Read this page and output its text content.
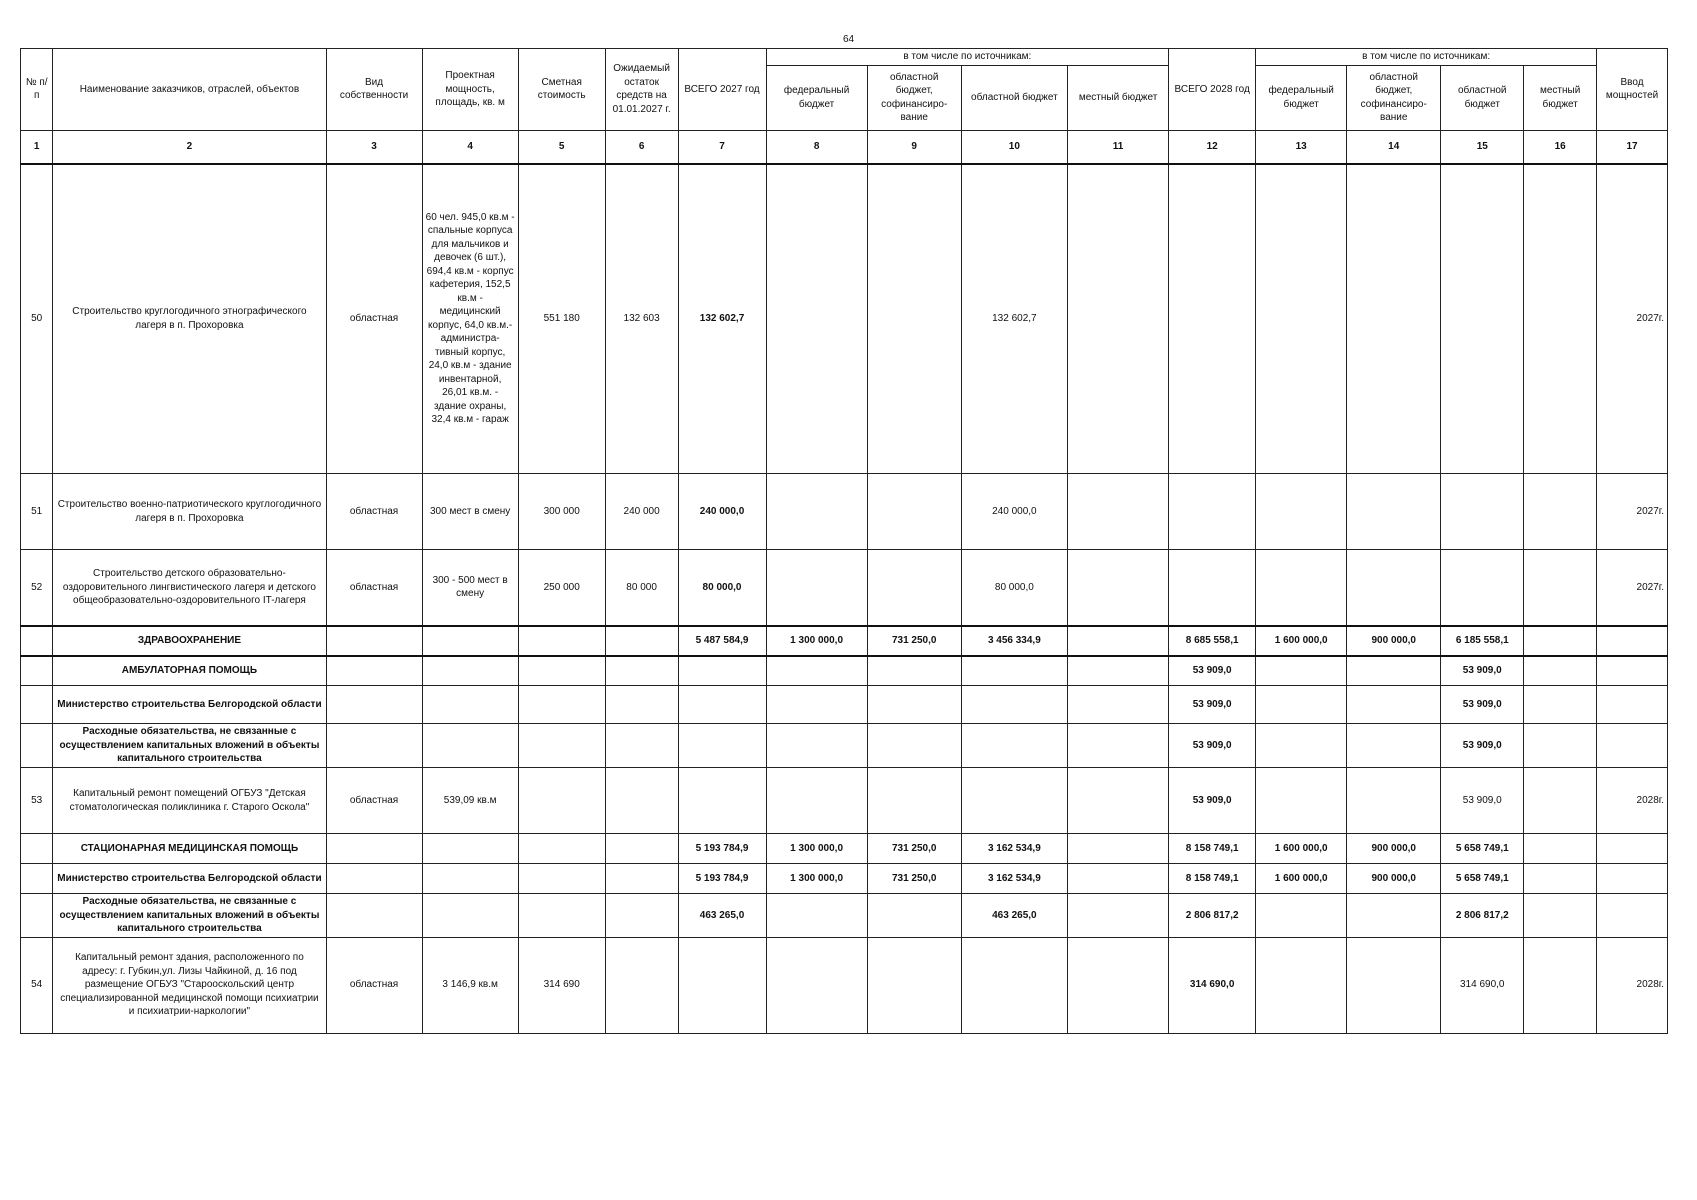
64
№ п/п	Наименование заказчиков, отраслей, объектов	Вид собственности	Проектная мощность, площадь, кв. м	Сметная стоимость	Ожидаемый остаток средств на 01.01.2027 г.	ВСЕГО 2027 год	в том числе по источникам:				ВСЕГО 2028 год	в том числе по источникам:				Ввод мощностей
							федеральный бюджет	областной бюджет, софинансиро-вание	областной бюджет	местный бюджет		федеральный бюджет	областной бюджет, софинансиро-вание	областной бюджет	местный бюджет	
1	2	3	4	5	6	7	8	9	10	11	12	13	14	15	16	17
50	Строительство круглогодичного этнографического лагеря в п. Прохоровка	областная	60 чел. 945,0 кв.м - спальные корпуса для мальчиков и девочек (6 шт.), 694,4 кв.м - корпус кафетерия, 152,5 кв.м - медицинский корпус, 64,0 кв.м.- администра-тивный корпус, 24,0 кв.м - здание инвентарной, 26,01 кв.м. - здание охраны, 32,4 кв.м - гараж	551 180	132 603	132 602,7			132 602,7							2027г.
51	Строительство военно-патриотического круглогодичного лагеря в п. Прохоровка	областная	300 мест в смену	300 000	240 000	240 000,0			240 000,0							2027г.
52	Строительство детского образовательно-оздоровительного лингвистического лагеря и детского общеобразовательно-оздоровительного IT-лагеря	областная	300 - 500 мест в смену	250 000	80 000	80 000,0			80 000,0							2027г.
	ЗДРАВООХРАНЕНИЕ					5 487 584,9	1 300 000,0	731 250,0	3 456 334,9		8 685 558,1	1 600 000,0	900 000,0	6 185 558,1		
	АМБУЛАТОРНАЯ ПОМОЩЬ										53 909,0			53 909,0		
	Министерство строительства Белгородской области										53 909,0			53 909,0		
	Расходные обязательства, не связанные с осуществлением капитальных вложений в объекты капитального строительства										53 909,0			53 909,0		
53	Капитальный ремонт помещений ОГБУЗ "Детская стоматологическая поликлиника г. Старого Оскола"	областная	539,09 кв.м								53 909,0			53 909,0		2028г.
	СТАЦИОНАРНАЯ МЕДИЦИНСКАЯ ПОМОЩЬ					5 193 784,9	1 300 000,0	731 250,0	3 162 534,9		8 158 749,1	1 600 000,0	900 000,0	5 658 749,1		
	Министерство строительства Белгородской области					5 193 784,9	1 300 000,0	731 250,0	3 162 534,9		8 158 749,1	1 600 000,0	900 000,0	5 658 749,1		
	Расходные обязательства, не связанные с осуществлением капитальных вложений в объекты капитального строительства					463 265,0			463 265,0		2 806 817,2			2 806 817,2		
54	Капитальный ремонт здания, расположенного по адресу: г. Губкин,ул. Лизы Чайкиной, д. 16 под размещение ОГБУЗ "Старооскольский центр специализированной медицинской помощи психиатрии и психиатрии-наркологии"	областная	3 146,9 кв.м	314 690							314 690,0			314 690,0		2028г.
